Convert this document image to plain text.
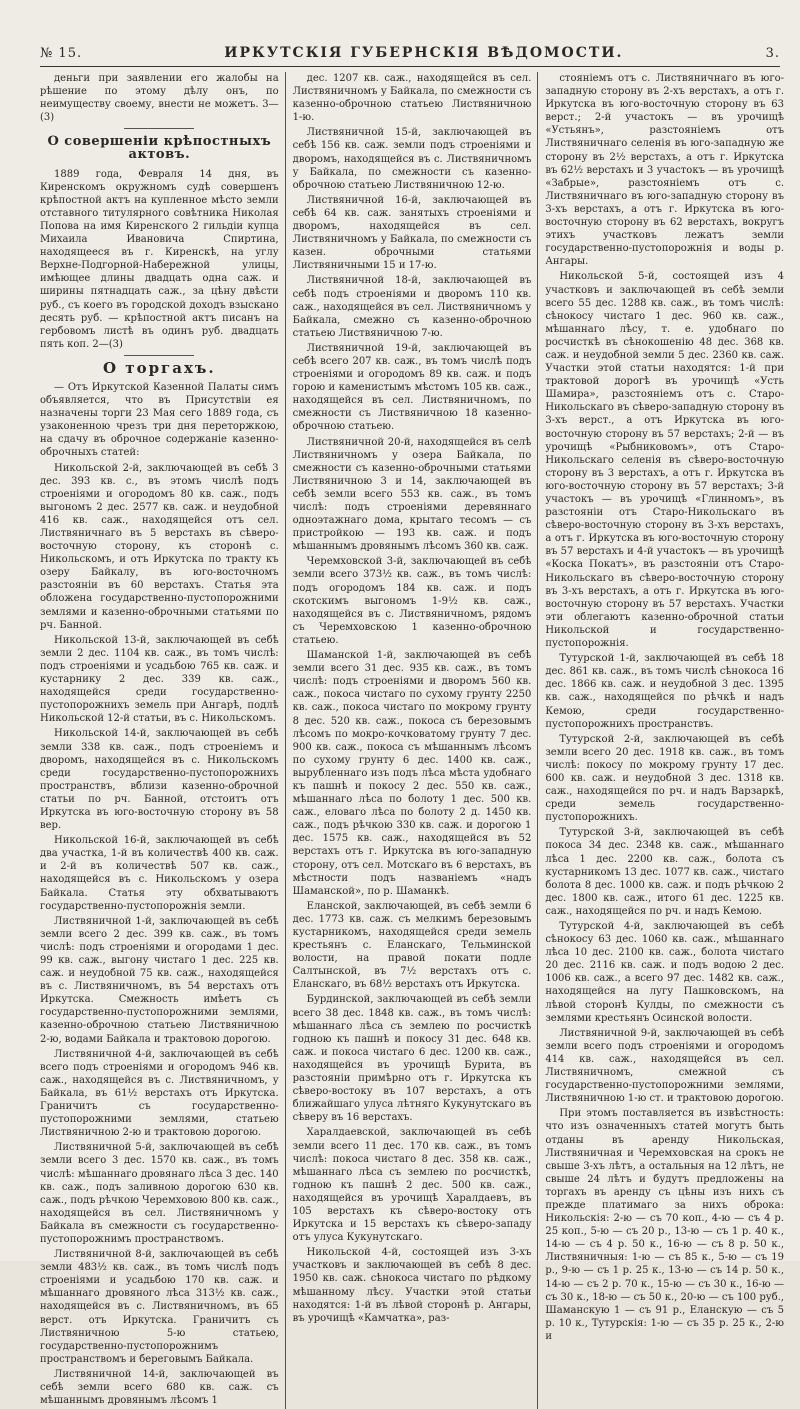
№ 15.	ИРКУТСКІЯ ГУБЕРНСКІЯ ВѢДОМОСТИ.	3.

деньги при заявлении его жалобы на рѣшение по этому дѣлу онъ, по неимуществу своему, внести не можетъ. 3—(3)

О совершеніи крѣпостныхъ актовъ.

1889 года, Февраля 14 дня, въ Киренскомъ окружномъ судѣ совершенъ крѣпостной актъ на купленное мѣсто земли отставного титулярного совѣтника Николая Попова на имя Киренского 2 гильдіи купца Михаила Ивановича Спиртина, находящееся въ г. Киренскѣ, на углу Верхне-Подгорной-Набережной улицы, имѣющее длины двадцать одна саж. и ширины пятнадцать саж., за цѣну двѣсти руб., съ коего въ городской доходъ взыскано десять руб. — крѣпостной актъ писанъ на гербовомъ листѣ въ одинъ руб. двадцать пять коп. 2—(3)

О торгахъ.

— Отъ Иркутской Казенной Палаты симъ объявляется, что въ Присутствіи ея назначены торги 23 Мая сего 1889 года, съ узаконенною чрезъ три дня переторжкою, на сдачу въ оброчное содержаніе казенно-оброчныхъ статей:

Никольской 2-й, заключающей въ себѣ 3 дес. 393 кв. с., въ этомъ числѣ подъ строеніями и огородомъ 80 кв. саж., подъ выгономъ 2 дес. 2577 кв. саж. и неудобной 416 кв. саж., находящейся отъ сел. Листвяничнаго въ 5 верстахъ въ сѣверо-восточную сторону, къ сторонѣ с. Никольскомъ, и отъ Иркутска по тракту къ озеру Байкалу, въ юго-восточномъ разстояніи въ 60 верстахъ. Статья эта обложена государственно-пустопорожними землями и казенно-оброчными статьями по рч. Банной.

Никольской 13-й, заключающей въ себѣ земли 2 дес. 1104 кв. саж., въ томъ числѣ: подъ строеніями и усадьбою 765 кв. саж. и кустарнику 2 дес. 339 кв. саж., находящейся среди государственно-пустопорожнихъ земель при Ангарѣ, подлѣ Никольской 12-й статьи, въ с. Никольскомъ.

Никольской 14-й, заключающей въ себѣ земли 338 кв. саж., подъ строеніемъ и дворомъ, находящейся въ с. Никольскомъ среди государственно-пустопорожнихъ пространствъ, вблизи казенно-оброчной статьи по рч. Банной, отстоитъ отъ Иркутска въ юго-восточную сторону въ 58 вер.

Никольской 16-й, заключающей въ себѣ два участка, 1-й въ количествѣ 400 кв. саж. и 2-й въ количествѣ 507 кв. саж., находящейся въ с. Никольскомъ у озера Байкала. Статья эту обхватываютъ государственно-пустопорожнія земли.

Листвяничной 1-й, заключающей въ себѣ земли всего 2 дес. 399 кв. саж., въ томъ числѣ: подъ строеніями и огородами 1 дес. 99 кв. саж., выгону чистаго 1 дес. 225 кв. саж. и неудобной 75 кв. саж., находящейся въ с. Листвяничномъ, въ 54 верстахъ отъ Иркутска. Смежность имѣетъ съ государственно-пустопорожними землями, казенно-оброчною статьею Листвяничною 2-ю, водами Байкала и трактовою дорогою.

Листвяничной 4-й, заключающей въ себѣ всего подъ строеніями и огородомъ 946 кв. саж., находящейся въ с. Листвяничномъ, у Байкала, въ 61½ верстахъ отъ Иркутска. Граничитъ съ государственно-пустопорожними землями, статьею Листвяничною 2-ю и трактовою дорогою.

Листвяничной 5-й, заключающей въ себѣ земли всего 3 дес. 1570 кв. саж., въ томъ числѣ: мѣшаннаго дровянаго лѣса 3 дес. 140 кв. саж., подъ заливною дорогою 630 кв. саж., подъ рѣчкою Черемховою 800 кв. саж., находящейся въ сел. Листвяничномъ у Байкала въ смежности съ государственно-пустопорожнимъ пространствомъ.

Листвяничной 8-й, заключающей въ себѣ земли 483½ кв. саж., въ томъ числѣ подъ строеніями и усадьбою 170 кв. саж. и мѣшаннаго дровяного лѣса 313½ кв. саж., находящейся въ с. Листвяничномъ, въ 65 верст. отъ Иркутска. Граничитъ съ Листвяничною 5-ю статьею, государственно-пустопорожнимъ пространствомъ и береговымъ Байкала.

Листвяничной 14-й, заключающей въ себѣ земли всего 680 кв. саж. съ мѣшаннымъ дровянымъ лѣсомъ 1

дес. 1207 кв. саж., находящейся въ сел. Листвяничномъ у Байкала, по смежности съ казенно-оброчною статьею Листвяничною 1-ю.

Листвяничной 15-й, заключающей въ себѣ 156 кв. саж. земли подъ строеніями и дворомъ, находящейся въ с. Листвяничномъ у Байкала, по смежности съ казенно-оброчною статьею Листвяничною 12-ю.

Листвяничной 16-й, заключающей въ себѣ 64 кв. саж. занятыхъ строеніями и дворомъ, находящейся въ сел. Листвяничномъ у Байкала, по смежности съ казен. оброчными статьями Листвяничными 15 и 17-ю.

Листвяничной 18-й, заключающей въ себѣ подъ строеніями и дворомъ 110 кв. саж., находящейся въ сел. Листвяничномъ у Байкала, смежно съ казенно-оброчною статьею Листвяничною 7-ю.

Листвяничной 19-й, заключающей въ себѣ всего 207 кв. саж., въ томъ числѣ подъ строеніями и огородомъ 89 кв. саж. и подъ горою и каменистымъ мѣстомъ 105 кв. саж., находящейся въ сел. Листвяничномъ, по смежности съ Листвяничною 18 казенно-оброчною статьею.

Листвяничной 20-й, находящейся въ селѣ Листвяничномъ у озера Байкала, по смежности съ казенно-оброчными статьями Листвяничною 3 и 14, заключающей въ себѣ земли всего 553 кв. саж., въ томъ числѣ: подъ строеніями деревяннаго одноэтажнаго дома, крытаго тесомъ — съ пристройкою — 193 кв. саж. и подъ мѣшаннымъ дровянымъ лѣсомъ 360 кв. саж.

Черемховской 3-й, заключающей въ себѣ земли всего 373½ кв. саж., въ томъ числѣ: подъ огородомъ 184 кв. саж. и подъ скотскимъ выгономъ 1-9½ кв. саж., находящейся въ с. Листвяничномъ, рядомъ съ Черемховскою 1 казенно-оброчною статьею.

Шаманской 1-й, заключающей въ себѣ земли всего 31 дес. 935 кв. саж., въ томъ числѣ: подъ строеніями и дворомъ 560 кв. саж., покоса чистаго по сухому грунту 2250 кв. саж., покоса чистаго по мокрому грунту 8 дес. 520 кв. саж., покоса съ березовымъ лѣсомъ по мокро-кочковатому грунту 7 дес. 900 кв. саж., покоса съ мѣшаннымъ лѣсомъ по сухому грунту 6 дес. 1400 кв. саж., вырубленнаго изъ подъ лѣса мѣста удобнаго къ пашнѣ и покосу 2 дес. 550 кв. саж., мѣшаннаго лѣса по болоту 1 дес. 500 кв. саж., еловаго лѣса по болоту 2 д. 1450 кв. саж., подъ рѣчкою 330 кв. саж. и дорогою 1 дес. 1575 кв. саж., находящейся въ 52 верстахъ отъ г. Иркутска въ юго-западную сторону, отъ сел. Мотскаго въ 6 верстахъ, въ мѣстности подъ названіемъ «надъ Шаманской», по р. Шаманкѣ.

Еланской, заключающей, въ себѣ земли 6 дес. 1773 кв. саж. съ мелкимъ березовымъ кустарникомъ, находящейся среди земель крестьянъ с. Еланскаго, Тельминской волости, на правой покати подле Салтынской, въ 7½ верстахъ отъ с. Еланскаго, въ 68½ верстахъ отъ Иркутска.

Бурдинской, заключающей въ себѣ земли всего 38 дес. 1848 кв. саж., въ томъ числѣ: мѣшаннаго лѣса съ землею по росчисткѣ годною къ пашнѣ и покосу 31 дес. 648 кв. саж. и покоса чистаго 6 дес. 1200 кв. саж., находящейся въ урочищѣ Бурита, въ разстояніи примѣрно отъ г. Иркутска къ сѣверо-востоку въ 107 верстахъ, а отъ ближайшаго улуса лѣтняго Кукунутскаго въ сѣверу въ 16 верстахъ.

Харалдаевской, заключающей въ себѣ земли всего 11 дес. 170 кв. саж., въ томъ числѣ: покоса чистаго 8 дес. 358 кв. саж., мѣшаннаго лѣса съ землею по росчисткѣ, годною къ пашнѣ 2 дес. 500 кв. саж., находящейся въ урочищѣ Харалдаевъ, въ 105 верстахъ къ сѣверо-востоку отъ Иркутска и 15 верстахъ къ сѣверо-западу отъ улуса Кукунутскаго.

Никольской 4-й, состоящей изъ 3-хъ участковъ и заключающей въ себѣ 8 дес. 1950 кв. саж. сѣнокоса чистаго по рѣдкому мѣшанному лѣсу. Участки этой статьи находятся: 1-й въ лѣвой сторонѣ р. Ангары, въ урочищѣ «Камчатка», раз-

стоянiемъ отъ с. Листвяничнаго въ юго-западную сторону въ 2-хъ верстахъ, а отъ г. Иркутска въ юго-восточную сторону въ 63 верст.; 2-й участокъ — въ урочищѣ «Устьянъ», разстояніемъ отъ Листвяничнаго селенія въ юго-западную же сторону въ 2½ верстахъ, а отъ г. Иркутска въ 62½ верстахъ и 3 участокъ — въ урочищѣ «Забрые», разстояніемъ отъ с. Листвяничнаго въ юго-западную сторону въ 3-хъ верстахъ, а отъ г. Иркутска въ юго-восточную сторону въ 62 верстахъ, вокругъ этихъ участковъ лежатъ земли государственно-пустопорожнія и воды р. Ангары.

Никольской 5-й, состоящей изъ 4 участковъ и заключающей въ себѣ земли всего 55 дес. 1288 кв. саж., въ томъ числѣ: сѣнокосу чистаго 1 дес. 960 кв. саж., мѣшаннаго лѣсу, т. е. удобнаго по росчисткѣ въ сѣнокошенію 48 дес. 368 кв. саж. и неудобной земли 5 дес. 2360 кв. саж. Участки этой статьи находятся: 1-й при трактовой дорогѣ въ урочищѣ «Усть Шамира», разстояніемъ отъ с. Старо-Никольскаго въ сѣверо-западную сторону въ 3-хъ верст., а отъ Иркутска въ юго-восточную сторону въ 57 верстахъ; 2-й — въ урочищѣ «Рыбниковомъ», отъ Старо-Никольскаго селенія въ сѣверо-восточную сторону въ 3 верстахъ, а отъ г. Иркутска въ юго-восточную сторону въ 57 верстахъ; 3-й участокъ — въ урочищѣ «Глинномъ», въ разстояніи отъ Старо-Никольскаго въ сѣверо-восточную сторону въ 3-хъ верстахъ, а отъ г. Иркутска въ юго-восточную сторону въ 57 верстахъ и 4-й участокъ — въ урочищѣ «Коска Покатъ», въ разстояніи отъ Старо-Никольскаго въ сѣверо-восточную сторону въ 3-хъ верстахъ, а отъ г. Иркутска въ юго-восточную сторону въ 57 верстахъ. Участки эти облегаютъ казенно-оброчной статьи Никольской и государственно-пустопорожнія.

Тутурской 1-й, заключающей въ себѣ 18 дес. 861 кв. саж., въ томъ числѣ сѣнокоса 16 дес. 1866 кв. саж. и неудобной 3 дес. 1395 кв. саж., находящейся по рѣчкѣ и надъ Кемою, среди государственно-пустопорожнихъ пространствъ.

Тутурской 2-й, заключающей въ себѣ земли всего 20 дес. 1918 кв. саж., въ томъ числѣ: покосу по мокрому грунту 17 дес. 600 кв. саж. и неудобной 3 дес. 1318 кв. саж., находящейся по рч. и надъ Варзаркѣ, среди земель государственно-пустопорожнихъ.

Тутурской 3-й, заключающей въ себѣ покоса 34 дес. 2348 кв. саж., мѣшаннаго лѣса 1 дес. 2200 кв. саж., болота съ кустарникомъ 13 дес. 1077 кв. саж., чистаго болота 8 дес. 1000 кв. саж. и подъ рѣчкою 2 дес. 1800 кв. саж., итого 61 дес. 1225 кв. саж., находящейся по рч. и надъ Кемою.

Тутурской 4-й, заключающей въ себѣ сѣнокосу 63 дес. 1060 кв. саж., мѣшаннаго лѣса 10 дес. 2100 кв. саж., болота чистаго 20 дес. 2116 кв. саж. и подъ водою 2 дес. 1006 кв. саж., а всего 97 дес. 1482 кв. саж., находящейся на лугу Пашковскомъ, на лѣвой сторонѣ Кулды, по смежности съ землями крестьянъ Осинской волости.

Листвяничной 9-й, заключающей въ себѣ земли всего подъ строеніями и огородомъ 414 кв. саж., находящейся въ сел. Листвяничномъ, смежной съ государственно-пустопорожними землями, Листвяничною 1-ю ст. и трактовою дорогою.

При этомъ поставляется въ извѣстность: что изъ означенныхъ статей могутъ быть отданы въ аренду Никольская, Листвяничная и Черемховская на срокъ не свыше 3-хъ лѣтъ, а остальныя на 12 лѣтъ, не свыше 24 лѣтъ и будутъ предложены на торгахъ въ аренду съ цѣны изъ нихъ съ прежде платимаго за нихъ оброка: Никольскія: 2-ю — съ 70 коп., 4-ю — съ 4 р. 25 коп., 5-ю — съ 20 р., 13-ю — съ 1 р. 40 к., 14-ю — съ 4 р. 50 к., 16-ю — съ 8 р. 50 к., Листвяничныя: 1-ю — съ 85 к., 5-ю — съ 19 р., 9-ю — съ 1 р. 25 к., 13-ю — съ 14 р. 50 к., 14-ю — съ 2 р. 70 к., 15-ю — съ 30 к., 16-ю — съ 30 к., 18-ю — съ 50 к., 20-ю — съ 100 руб., Шаманскую 1 — съ 91 р., Еланскую — съ 5 р. 10 к., Тутурскія: 1-ю — съ 35 р. 25 к., 2-ю и
